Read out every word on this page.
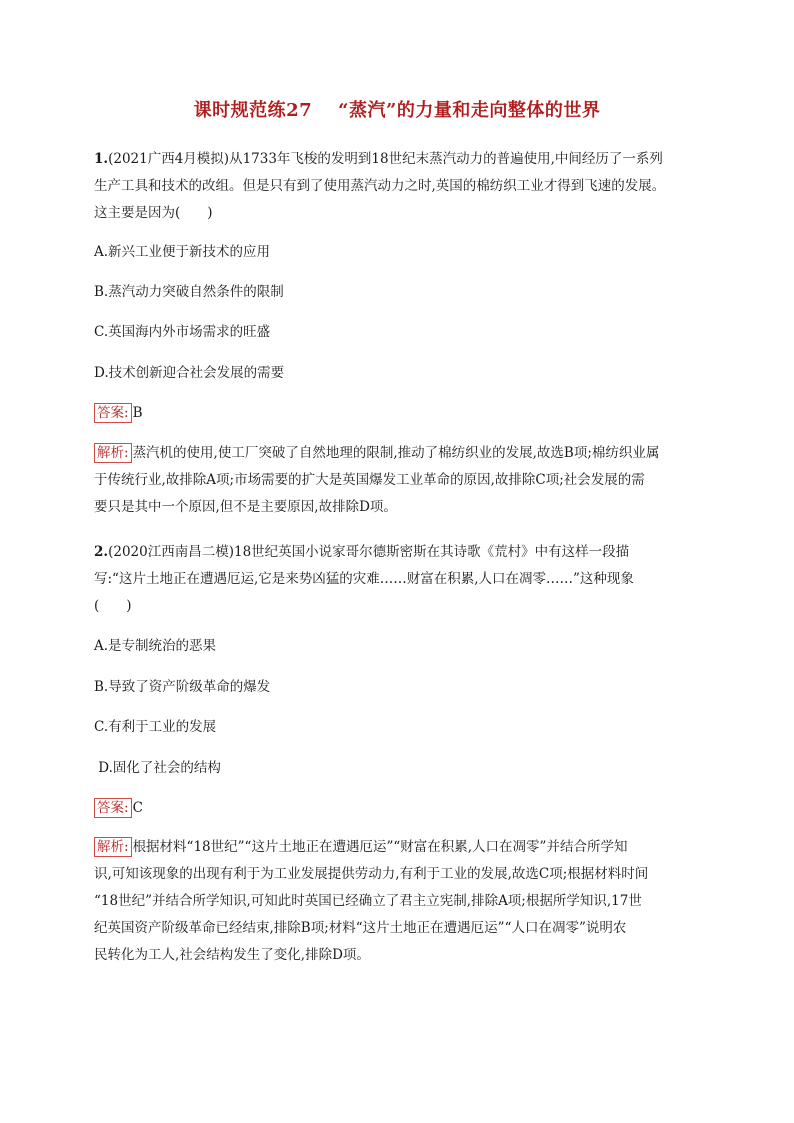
课时规范练27 “蒸汽”的力量和走向整体的世界
1.(2021广西4月模拟)从1733年飞梭的发明到18世纪末蒸汽动力的普遍使用,中间经历了一系列
生产工具和技术的改组。但是只有到了使用蒸汽动力之时,英国的棉纺织工业才得到飞速的发展。
这主要是因为(　　)
A.新兴工业便于新技术的应用
B.蒸汽动力突破自然条件的限制
C.英国海内外市场需求的旺盛
D.技术创新迎合社会发展的需要
答案: B
解析: 蒸汽机的使用,使工厂突破了自然地理的限制,推动了棉纺织业的发展,故选B项;棉纺织业属
于传统行业,故排除A项;市场需要的扩大是英国爆发工业革命的原因,故排除C项;社会发展的需
要只是其中一个原因,但不是主要原因,故排除D项。
2.(2020江西南昌二模)18世纪英国小说家哥尔德斯密斯在其诗歌《荒村》中有这样一段描
写:“这片土地正在遭遇厄运,它是来势凶猛的灾难……财富在积累,人口在凋零……”这种现象
(　　)
A.是专制统治的恶果
B.导致了资产阶级革命的爆发
C.有利于工业的发展
D.固化了社会的结构
答案: C
解析: 根据材料“18世纪”“这片土地正在遭遇厄运”“财富在积累,人口在凋零”并结合所学知
识,可知该现象的出现有利于为工业发展提供劳动力,有利于工业的发展,故选C项;根据材料时间
“18世纪”并结合所学知识,可知此时英国已经确立了君主立宪制,排除A项;根据所学知识,17世
纪英国资产阶级革命已经结束,排除B项;材料“这片土地正在遭遇厄运”“人口在凋零”说明农
民转化为工人,社会结构发生了变化,排除D项。
